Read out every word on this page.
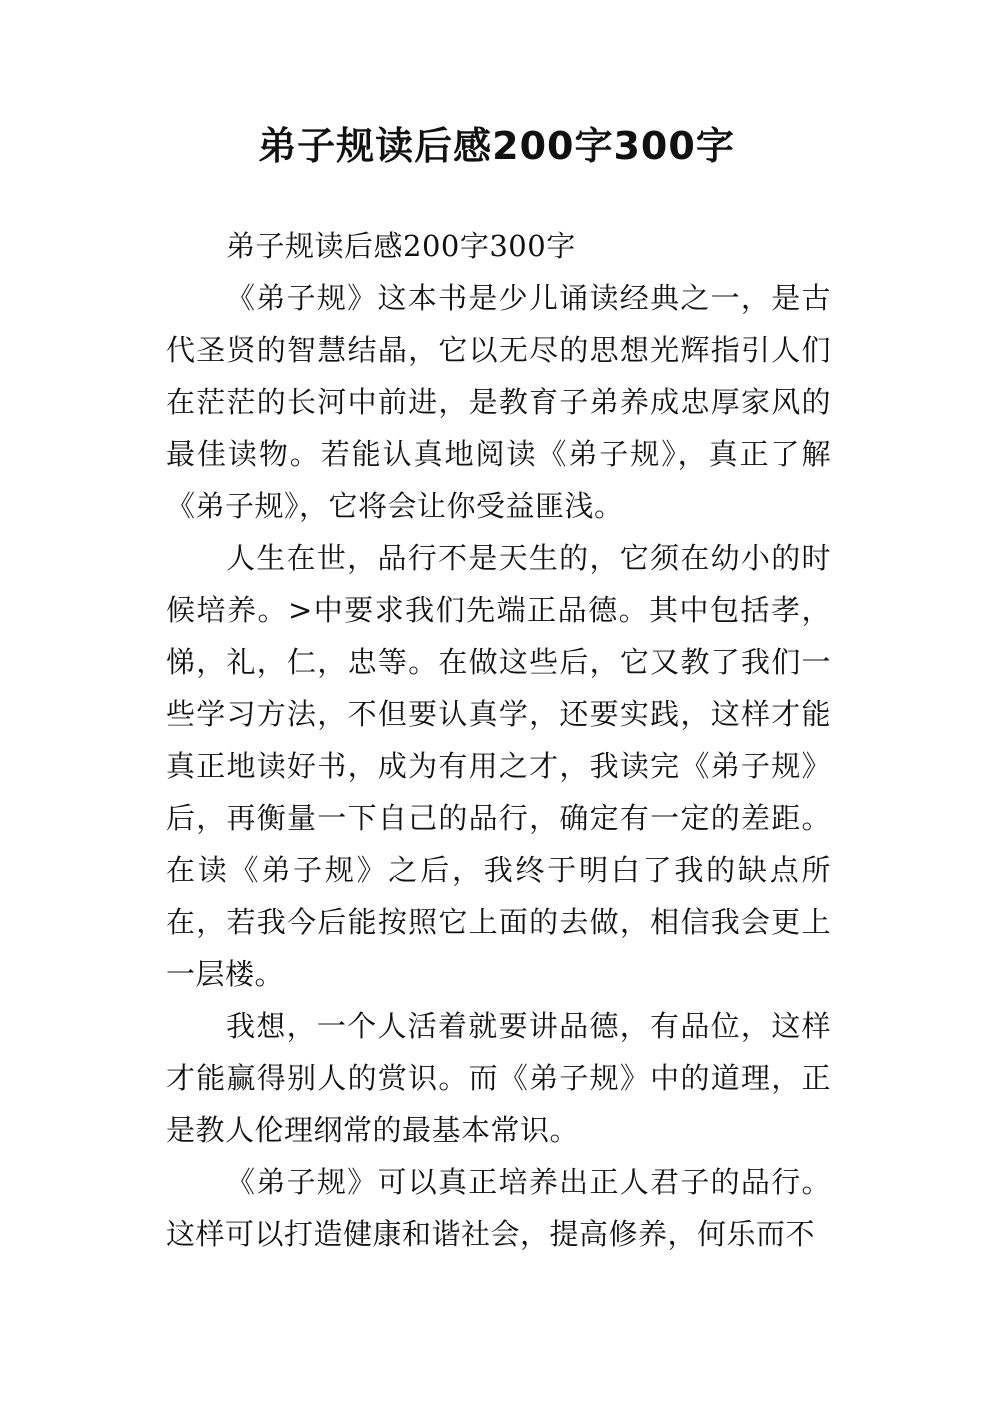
弟子规读后感200字300字

弟子规读后感200字300字

《弟子规》这本书是少儿诵读经典之一，是古代圣贤的智慧结晶，它以无尽的思想光辉指引人们在茫茫的长河中前进，是教育子弟养成忠厚家风的最佳读物。若能认真地阅读《弟子规》，真正了解《弟子规》，它将会让你受益匪浅。

人生在世，品行不是天生的，它须在幼小的时候培养。>中要求我们先端正品德。其中包括孝，悌，礼，仁，忠等。在做这些后，它又教了我们一些学习方法，不但要认真学，还要实践，这样才能真正地读好书，成为有用之才，我读完《弟子规》后，再衡量一下自己的品行，确定有一定的差距。在读《弟子规》之后，我终于明白了我的缺点所在，若我今后能按照它上面的去做，相信我会更上一层楼。

我想，一个人活着就要讲品德，有品位，这样才能赢得别人的赏识。而《弟子规》中的道理，正是教人伦理纲常的最基本常识。

《弟子规》可以真正培养出正人君子的品行。这样可以打造健康和谐社会，提高修养，何乐而不
